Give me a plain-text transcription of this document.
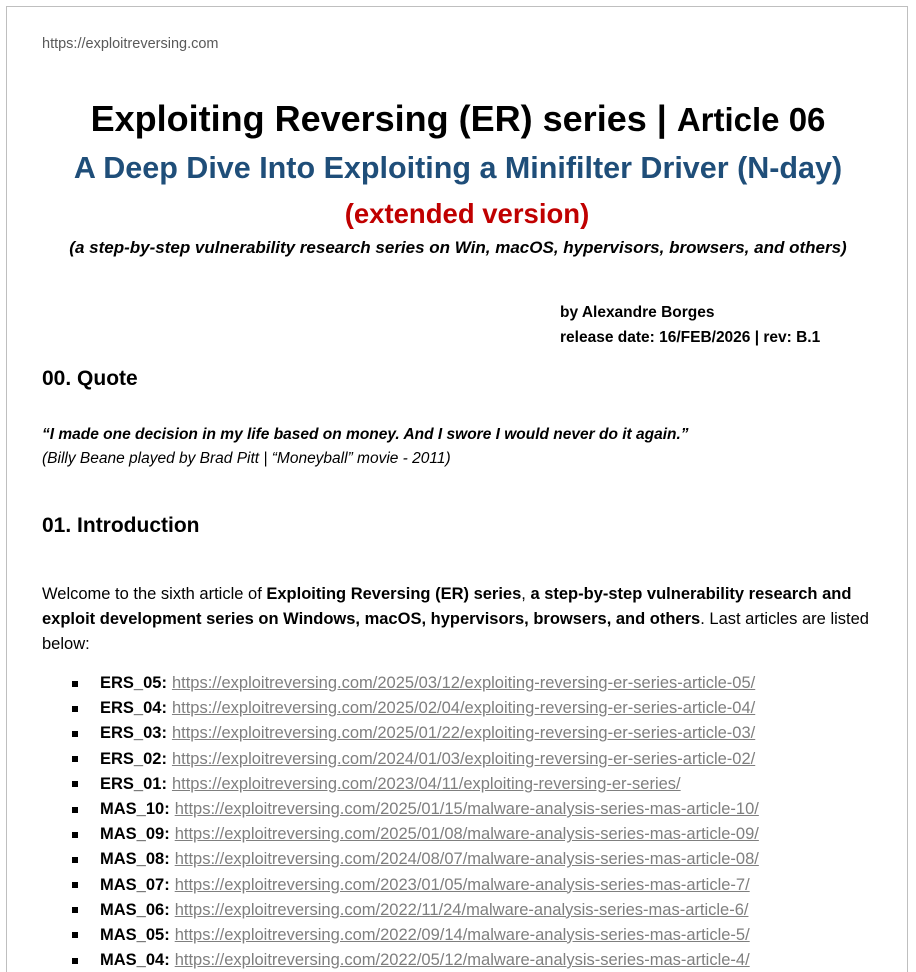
https://exploitreversing.com
Exploiting Reversing (ER) series | Article 06
A Deep Dive Into Exploiting a Minifilter Driver (N-day)
(extended version)
(a step-by-step vulnerability research series on Win, macOS, hypervisors, browsers, and others)
by Alexandre Borges
release date: 16/FEB/2026 | rev: B.1
00. Quote
“I made one decision in my life based on money. And I swore I would never do it again.”
(Billy Beane played by Brad Pitt | “Moneyball” movie - 2011)
01. Introduction
Welcome to the sixth article of Exploiting Reversing (ER) series, a step-by-step vulnerability research and exploit development series on Windows, macOS, hypervisors, browsers, and others. Last articles are listed below:
ERS_05: https://exploitreversing.com/2025/03/12/exploiting-reversing-er-series-article-05/
ERS_04: https://exploitreversing.com/2025/02/04/exploiting-reversing-er-series-article-04/
ERS_03: https://exploitreversing.com/2025/01/22/exploiting-reversing-er-series-article-03/
ERS_02: https://exploitreversing.com/2024/01/03/exploiting-reversing-er-series-article-02/
ERS_01: https://exploitreversing.com/2023/04/11/exploiting-reversing-er-series/
MAS_10: https://exploitreversing.com/2025/01/15/malware-analysis-series-mas-article-10/
MAS_09: https://exploitreversing.com/2025/01/08/malware-analysis-series-mas-article-09/
MAS_08: https://exploitreversing.com/2024/08/07/malware-analysis-series-mas-article-08/
MAS_07: https://exploitreversing.com/2023/01/05/malware-analysis-series-mas-article-7/
MAS_06: https://exploitreversing.com/2022/11/24/malware-analysis-series-mas-article-6/
MAS_05: https://exploitreversing.com/2022/09/14/malware-analysis-series-mas-article-5/
MAS_04: https://exploitreversing.com/2022/05/12/malware-analysis-series-mas-article-4/
